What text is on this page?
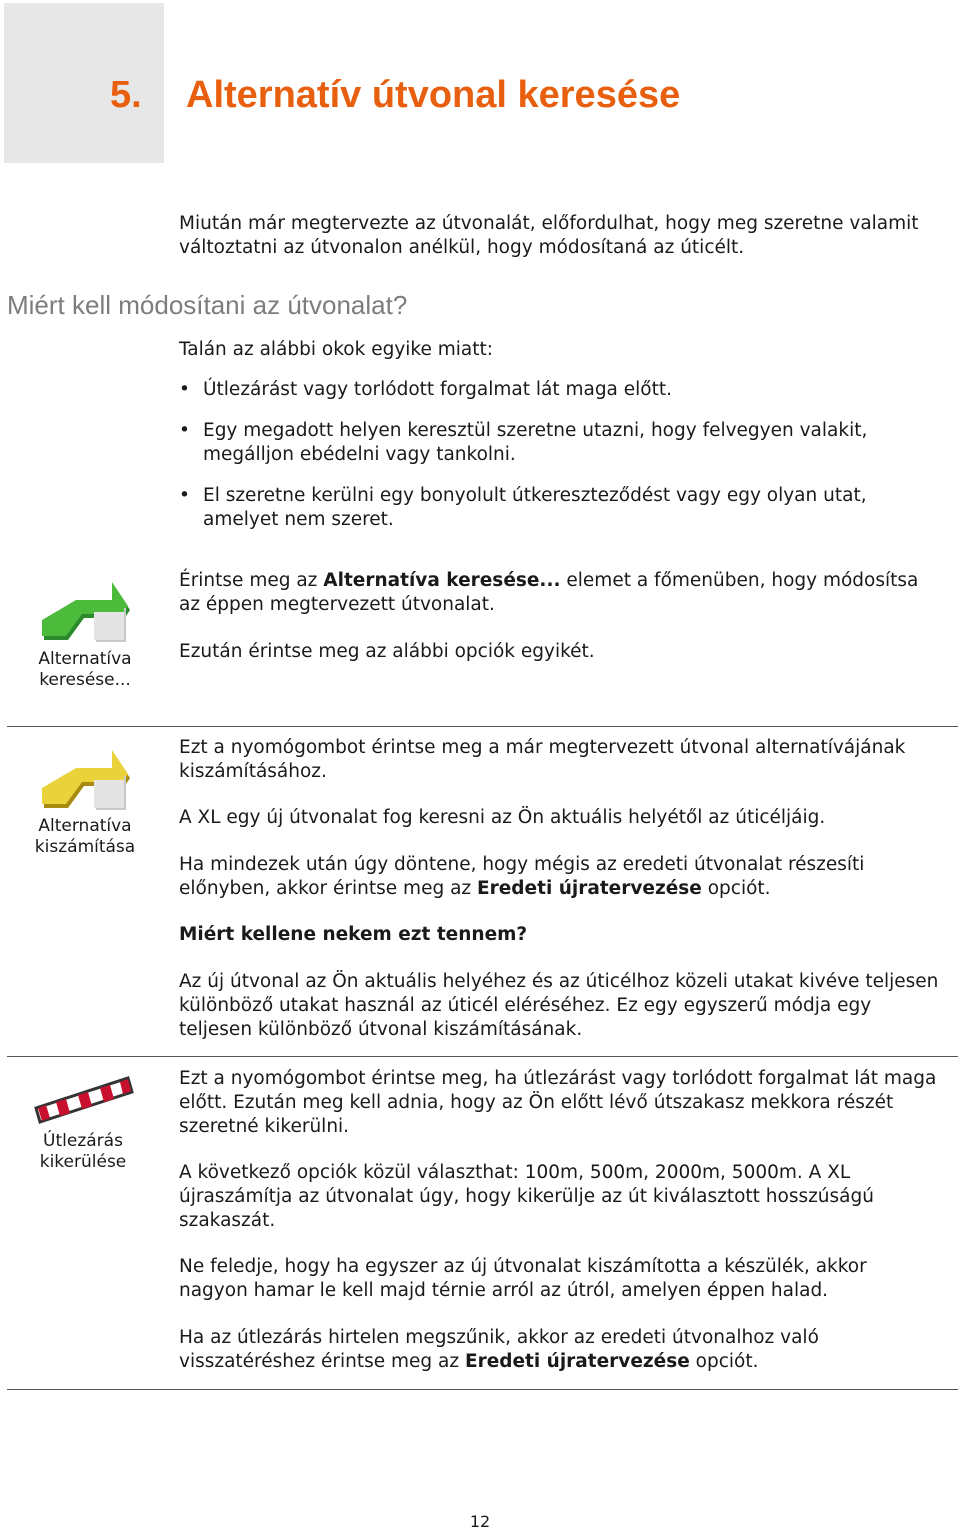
5. Alternatív útvonal keresése

Miután már megtervezte az útvonalát, előfordulhat, hogy meg szeretne valamit változtatni az útvonalon anélkül, hogy módosítaná az úticélt.

Miért kell módosítani az útvonalat?

Talán az alábbi okok egyike miatt:

• Útlezárást vagy torlódott forgalmat lát maga előtt.
• Egy megadott helyen keresztül szeretne utazni, hogy felvegyen valakit, megálljon ebédelni vagy tankolni.
• El szeretne kerülni egy bonyolult útkereszteződést vagy egy olyan utat, amelyet nem szeret.
Alternatíva keresése...

Érintse meg az Alternatíva keresése... elemet a főmenüben, hogy módosítsa az éppen megtervezett útvonalat.

Ezután érintse meg az alábbi opciók egyikét.

Alternatíva kiszámítása

Ezt a nyomógombot érintse meg a már megtervezett útvonal alternatívájának kiszámításához.

A XL egy új útvonalat fog keresni az Ön aktuális helyétől az úticéljáig.

Ha mindezek után úgy döntene, hogy mégis az eredeti útvonalat részesíti előnyben, akkor érintse meg az Eredeti újratervezése opciót.

Miért kellene nekem ezt tennem?

Az új útvonal az Ön aktuális helyéhez és az úticélhoz közeli utakat kivéve teljesen különböző utakat használ az úticél eléréséhez. Ez egy egyszerű módja egy teljesen különböző útvonal kiszámításának.

Útlezárás kikerülése

Ezt a nyomógombot érintse meg, ha útlezárást vagy torlódott forgalmat lát maga előtt. Ezután meg kell adnia, hogy az Ön előtt lévő útszakasz mekkora részét szeretné kikerülni.

A következő opciók közül választhat: 100m, 500m, 2000m, 5000m. A XL újraszámítja az útvonalat úgy, hogy kikerülje az út kiválasztott hosszúságú szakaszát.

Ne feledje, hogy ha egyszer az új útvonalat kiszámította a készülék, akkor nagyon hamar le kell majd térnie arról az útról, amelyen éppen halad.

Ha az útlezárás hirtelen megszűnik, akkor az eredeti útvonalhoz való visszatéréshez érintse meg az Eredeti újratervezése opciót.

12
